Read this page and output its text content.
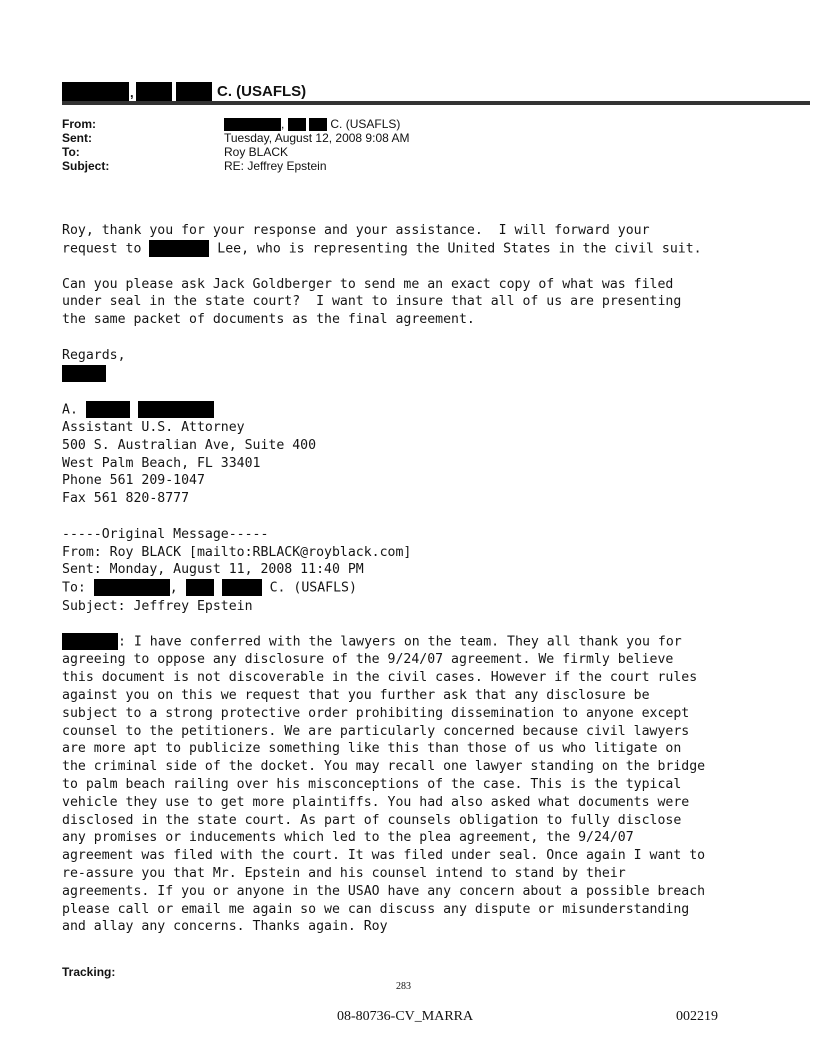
,	C. (USAFLS)
From:	,	C. (USAFLS)
Sent:	Tuesday, August 12, 2008 9:08 AM
To:	Roy BLACK
Subject:	RE: Jeffrey Epstein

Roy, thank you for your response and your assistance.  I will forward your
request to	Lee, who is representing the United States in the civil suit.
Can you please ask Jack Goldberger to send me an exact copy of what was filed
under seal in the state court?  I want to insure that all of us are presenting
the same packet of documents as the final agreement.
Regards,
A.
Assistant U.S. Attorney
500 S. Australian Ave, Suite 400
West Palm Beach, FL 33401
Phone 561 209-1047
Fax 561 820-8777
-----Original Message-----
From: Roy BLACK [mailto:RBLACK@royblack.com]
Sent: Monday, August 11, 2008 11:40 PM
To:	,	C. (USAFLS)
Subject: Jeffrey Epstein
: I have conferred with the lawyers on the team. They all thank you for
agreeing to oppose any disclosure of the 9/24/07 agreement. We firmly believe
this document is not discoverable in the civil cases. However if the court rules
against you on this we request that you further ask that any disclosure be
subject to a strong protective order prohibiting dissemination to anyone except
counsel to the petitioners. We are particularly concerned because civil lawyers
are more apt to publicize something like this than those of us who litigate on
the criminal side of the docket. You may recall one lawyer standing on the bridge
to palm beach railing over his misconceptions of the case. This is the typical
vehicle they use to get more plaintiffs. You had also asked what documents were
disclosed in the state court. As part of counsels obligation to fully disclose
any promises or inducements which led to the plea agreement, the 9/24/07
agreement was filed with the court. It was filed under seal. Once again I want to
re-assure you that Mr. Epstein and his counsel intend to stand by their
agreements. If you or anyone in the USAO have any concern about a possible breach
please call or email me again so we can discuss any dispute or misunderstanding
and allay any concerns. Thanks again. Roy

Tracking:
283
08-80736-CV_MARRA	002219
